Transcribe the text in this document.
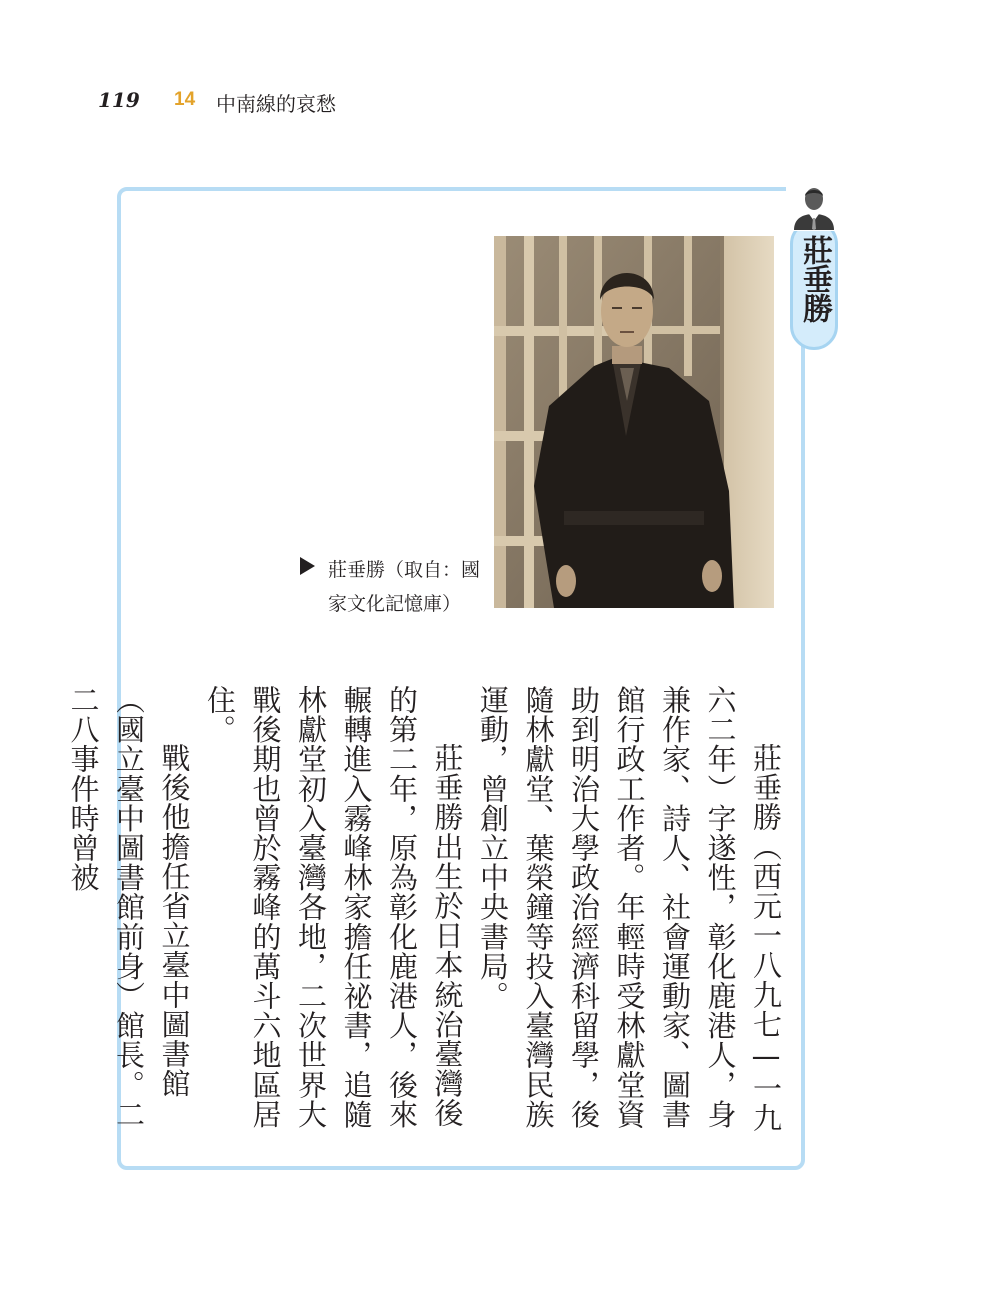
119	14 中南線的哀愁
莊垂勝
莊垂勝（取自：國家文化記憶庫）

莊垂勝（西元一八九七—一九六二年）字遂性，彰化鹿港人，身兼作家、詩人、社會運動家、圖書館行政工作者。年輕時受林獻堂資助到明治大學政治經濟科留學，後隨林獻堂、葉榮鐘等投入臺灣民族運動，曾創立中央書局。

莊垂勝出生於日本統治臺灣後的第二年，原為彰化鹿港人，後來輾轉進入霧峰林家擔任祕書，追隨林獻堂初入臺灣各地，二次世界大戰後期也曾於霧峰的萬斗六地區居住。

戰後他擔任省立臺中圖書館（國立臺中圖書館前身）館長。二二八事件時曾被
